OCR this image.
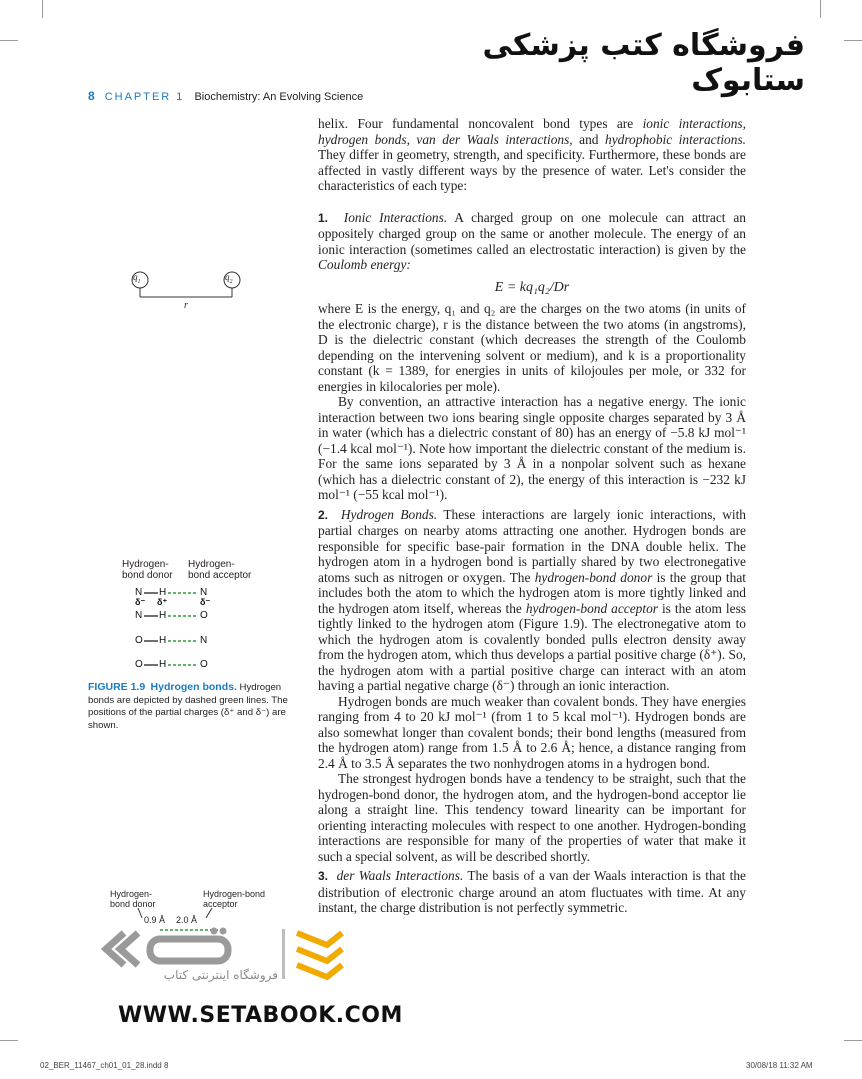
فروشگاه کتب پزشکی ستابوک
8 CHAPTER 1 Biochemistry: An Evolving Science
$q_1$	$q_2$
r
Hydrogen-
bond donor
Hydrogen-
bond acceptor
N H	N
δ⁻ δ⁺	δ⁻
N H	O
O H	N
O H	O
FIGURE 1.9 Hydrogen bonds. Hydrogen bonds are depicted by dashed green lines. The positions of the partial charges (δ⁺ and δ⁻) are shown.
Hydrogen-
bond donor
Hydrogen-bond
acceptor
0.9 Å 2.0 Å
فروشگاه اینترنتی کتاب
WWW.SETABOOK.COM

helix. Four fundamental noncovalent bond types are ionic interactions, hydrogen bonds, van der Waals interactions, and hydrophobic interactions. They differ in geometry, strength, and specificity. Furthermore, these bonds are affected in vastly different ways by the presence of water. Let's consider the characteristics of each type:

1. Ionic Interactions. A charged group on one molecule can attract an oppositely charged group on the same or another molecule. The energy of an ionic interaction (sometimes called an electrostatic interaction) is given by the Coulomb energy:

E = kq₁q₂/Dr

where E is the energy, q₁ and q₂ are the charges on the two atoms (in units of the electronic charge), r is the distance between the two atoms (in angstroms), D is the dielectric constant (which decreases the strength of the Coulomb depending on the intervening solvent or medium), and k is a proportionality constant (k = 1389, for energies in units of kilojoules per mole, or 332 for energies in kilocalories per mole).

By convention, an attractive interaction has a negative energy. The ionic interaction between two ions bearing single opposite charges separated by 3 Å in water (which has a dielectric constant of 80) has an energy of −5.8 kJ mol⁻¹ (−1.4 kcal mol⁻¹). Note how important the dielectric constant of the medium is. For the same ions separated by 3 Å in a nonpolar solvent such as hexane (which has a dielectric constant of 2), the energy of this interaction is −232 kJ mol⁻¹ (−55 kcal mol⁻¹).

2. Hydrogen Bonds. These interactions are largely ionic interactions, with partial charges on nearby atoms attracting one another. Hydrogen bonds are responsible for specific base-pair formation in the DNA double helix. The hydrogen atom in a hydrogen bond is partially shared by two electronegative atoms such as nitrogen or oxygen. The hydrogen-bond donor is the group that includes both the atom to which the hydrogen atom is more tightly linked and the hydrogen atom itself, whereas the hydrogen-bond acceptor is the atom less tightly linked to the hydrogen atom (Figure 1.9). The electronegative atom to which the hydrogen atom is covalently bonded pulls electron density away from the hydrogen atom, which thus develops a partial positive charge (δ⁺). So, the hydrogen atom with a partial positive charge can interact with an atom having a partial negative charge (δ⁻) through an ionic interaction.

Hydrogen bonds are much weaker than covalent bonds. They have energies ranging from 4 to 20 kJ mol⁻¹ (from 1 to 5 kcal mol⁻¹). Hydrogen bonds are also somewhat longer than covalent bonds; their bond lengths (measured from the hydrogen atom) range from 1.5 Å to 2.6 Å; hence, a distance ranging from 2.4 Å to 3.5 Å separates the two nonhydrogen atoms in a hydrogen bond.

The strongest hydrogen bonds have a tendency to be straight, such that the hydrogen-bond donor, the hydrogen atom, and the hydrogen-bond acceptor lie along a straight line. This tendency toward linearity can be important for orienting interacting molecules with respect to one another. Hydrogen-bonding interactions are responsible for many of the properties of water that make it such a special solvent, as will be described shortly.

3. der Waals Interactions. The basis of a van der Waals interaction is that the distribution of electronic charge around an atom fluctuates with time. At any instant, the charge distribution is not perfectly symmetric.

02_BER_11467_ch01_01_28.indd 8	30/08/18 11:32 AM
